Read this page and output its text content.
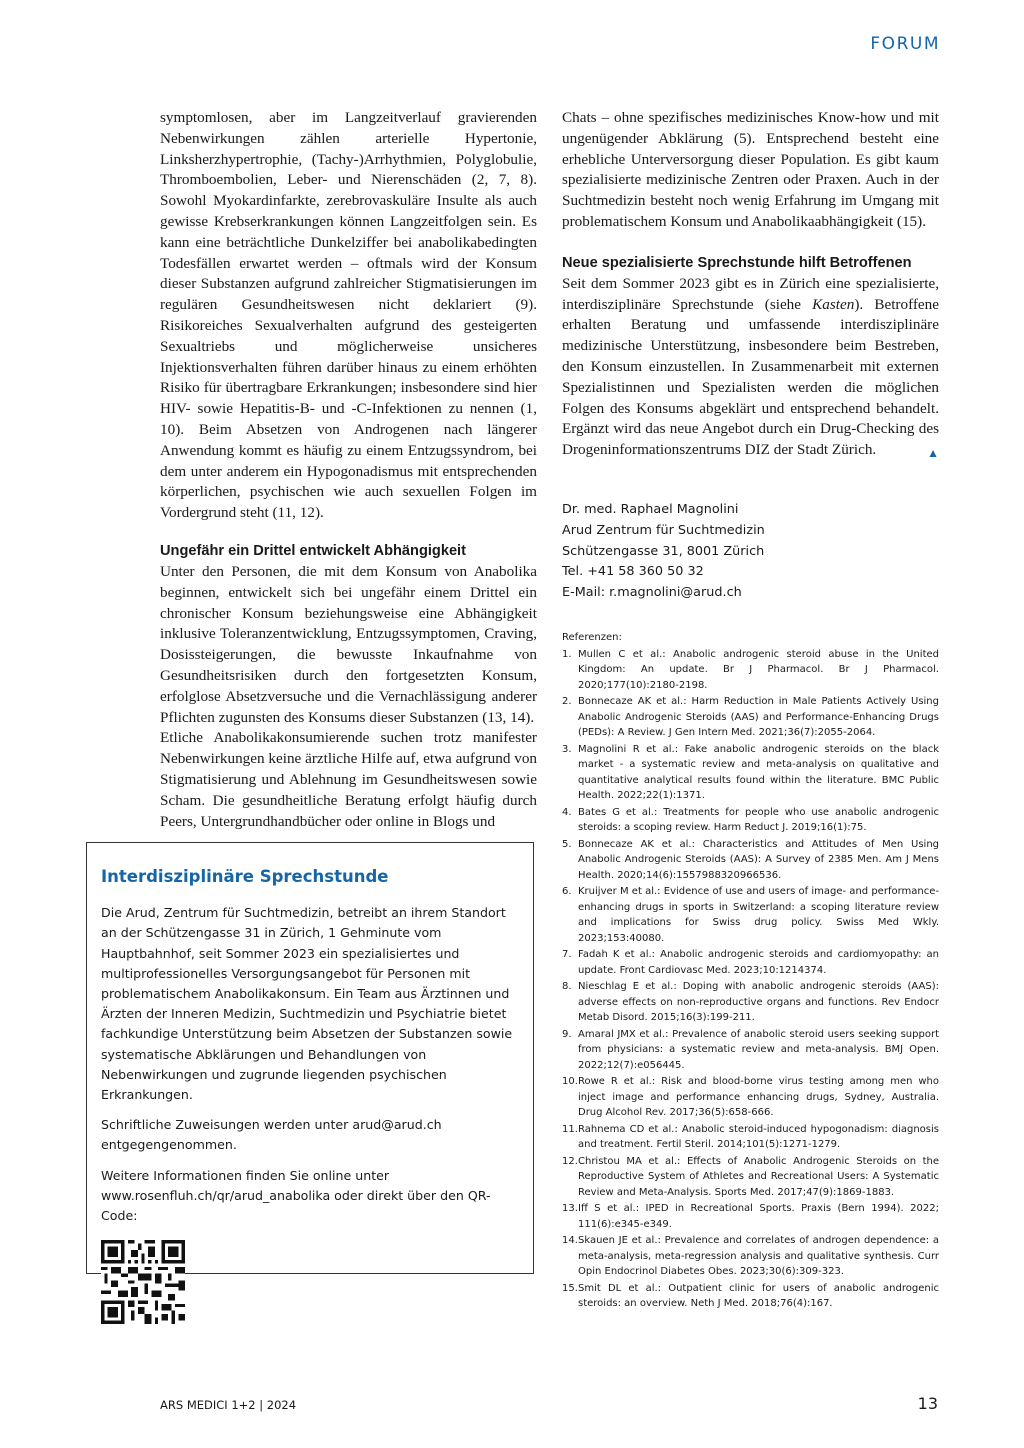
FORUM

symptomlosen, aber im Langzeitverlauf gravierenden Nebenwirkungen zählen arterielle Hypertonie, Linksherzhypertrophie, (Tachy-)Arrhythmien, Polyglobulie, Thromboembolien, Leber- und Nierenschäden (2, 7, 8). Sowohl Myokardinfarkte, zerebrovaskuläre Insulte als auch gewisse Krebserkrankungen können Langzeitfolgen sein. Es kann eine beträchtliche Dunkelziffer bei anabolikabedingten Todesfällen erwartet werden – oftmals wird der Konsum dieser Substanzen aufgrund zahlreicher Stigmatisierungen im regulären Gesundheitswesen nicht deklariert (9). Risikoreiches Sexualverhalten aufgrund des gesteigerten Sexualtriebs und möglicherweise unsicheres Injektionsverhalten führen darüber hinaus zu einem erhöhten Risiko für übertragbare Erkrankungen; insbesondere sind hier HIV- sowie Hepatitis-B- und -C-Infektionen zu nennen (1, 10). Beim Absetzen von Androgenen nach längerer Anwendung kommt es häufig zu einem Entzugssyndrom, bei dem unter anderem ein Hypogonadismus mit entsprechenden körperlichen, psychischen wie auch sexuellen Folgen im Vordergrund steht (11, 12).

Ungefähr ein Drittel entwickelt Abhängigkeit

Unter den Personen, die mit dem Konsum von Anabolika beginnen, entwickelt sich bei ungefähr einem Drittel ein chronischer Konsum beziehungsweise eine Abhängigkeit inklusive Toleranzentwicklung, Entzugssymptomen, Craving, Dosissteigerungen, die bewusste Inkaufnahme von Gesundheitsrisiken durch den fortgesetzten Konsum, erfolglose Absetzversuche und die Vernachlässigung anderer Pflichten zugunsten des Konsums dieser Substanzen (13, 14).

Etliche Anabolikakonsumierende suchen trotz manifester Nebenwirkungen keine ärztliche Hilfe auf, etwa aufgrund von Stigmatisierung und Ablehnung im Gesundheitswesen sowie Scham. Die gesundheitliche Beratung erfolgt häufig durch Peers, Untergrundhandbücher oder online in Blogs und

Chats – ohne spezifisches medizinisches Know-how und mit ungenügender Abklärung (5). Entsprechend besteht eine erhebliche Unterversorgung dieser Population. Es gibt kaum spezialisierte medizinische Zentren oder Praxen. Auch in der Suchtmedizin besteht noch wenig Erfahrung im Umgang mit problematischem Konsum und Anabolikaabhängigkeit (15).

Neue spezialisierte Sprechstunde hilft Betroffenen

Seit dem Sommer 2023 gibt es in Zürich eine spezialisierte, interdisziplinäre Sprechstunde (siehe Kasten). Betroffene erhalten Beratung und umfassende interdisziplinäre medizinische Unterstützung, insbesondere beim Bestreben, den Konsum einzustellen. In Zusammenarbeit mit externen Spezialistinnen und Spezialisten werden die möglichen Folgen des Konsums abgeklärt und entsprechend behandelt. Ergänzt wird das neue Angebot durch ein Drug-Checking des Drogeninformationszentrums DIZ der Stadt Zürich.	▲

Dr. med. Raphael Magnolini
Arud Zentrum für Suchtmedizin
Schützengasse 31, 8001 Zürich
Tel. +41 58 360 50 32
E-Mail: r.magnolini@arud.ch
Referenzen:
1. Mullen C et al.: Anabolic androgenic steroid abuse in the United Kingdom: An update. Br J Pharmacol. Br J Pharmacol. 2020;177(10):2180-2198.
2. Bonnecaze AK et al.: Harm Reduction in Male Patients Actively Using Anabolic Androgenic Steroids (AAS) and Performance-Enhancing Drugs (PEDs): A Review. J Gen Intern Med. 2021;36(7):2055-2064.
3. Magnolini R et al.: Fake anabolic androgenic steroids on the black market - a systematic review and meta-analysis on qualitative and quantitative analytical results found within the literature. BMC Public Health. 2022;22(1):1371.
4. Bates G et al.: Treatments for people who use anabolic androgenic steroids: a scoping review. Harm Reduct J. 2019;16(1):75.
5. Bonnecaze AK et al.: Characteristics and Attitudes of Men Using Anabolic Androgenic Steroids (AAS): A Survey of 2385 Men. Am J Mens Health. 2020;14(6):1557988320966536.
6. Kruijver M et al.: Evidence of use and users of image- and performance-enhancing drugs in sports in Switzerland: a scoping literature review and implications for Swiss drug policy. Swiss Med Wkly. 2023;153:40080.
7. Fadah K et al.: Anabolic androgenic steroids and cardiomyopathy: an update. Front Cardiovasc Med. 2023;10:1214374.
8. Nieschlag E et al.: Doping with anabolic androgenic steroids (AAS): adverse effects on non-reproductive organs and functions. Rev Endocr Metab Disord. 2015;16(3):199-211.
9. Amaral JMX et al.: Prevalence of anabolic steroid users seeking support from physicians: a systematic review and meta-analysis. BMJ Open. 2022;12(7):e056445.
10. Rowe R et al.: Risk and blood-borne virus testing among men who inject image and performance enhancing drugs, Sydney, Australia. Drug Alcohol Rev. 2017;36(5):658-666.
11. Rahnema CD et al.: Anabolic steroid-induced hypogonadism: diagnosis and treatment. Fertil Steril. 2014;101(5):1271-1279.
12. Christou MA et al.: Effects of Anabolic Androgenic Steroids on the Reproductive System of Athletes and Recreational Users: A Systematic Review and Meta-Analysis. Sports Med. 2017;47(9):1869-1883.
13. Iff S et al.: IPED in Recreational Sports. Praxis (Bern 1994). 2022; 111(6):e345-e349.
14. Skauen JE et al.: Prevalence and correlates of androgen dependence: a meta-analysis, meta-regression analysis and qualitative synthesis. Curr Opin Endocrinol Diabetes Obes. 2023;30(6):309-323.
15. Smit DL et al.: Outpatient clinic for users of anabolic androgenic steroids: an overview. Neth J Med. 2018;76(4):167.
Interdisziplinäre Sprechstunde

Die Arud, Zentrum für Suchtmedizin, betreibt an ihrem Standort an der Schützengasse 31 in Zürich, 1 Gehminute vom Hauptbahnhof, seit Sommer 2023 ein spezialisiertes und multiprofessionelles Versorgungsangebot für Personen mit problematischem Anabolikakonsum. Ein Team aus Ärztinnen und Ärzten der Inneren Medizin, Suchtmedizin und Psychiatrie bietet fachkundige Unterstützung beim Absetzen der Substanzen sowie systematische Abklärungen und Behandlungen von Nebenwirkungen und zugrunde liegenden psychischen Erkrankungen.

Schriftliche Zuweisungen werden unter arud@arud.ch entgegengenommen.

Weitere Informationen finden Sie online unter www.rosenfluh.ch/qr/arud_anabolika oder direkt über den QR-Code:

ARS MEDICI 1+2 | 2024	13
